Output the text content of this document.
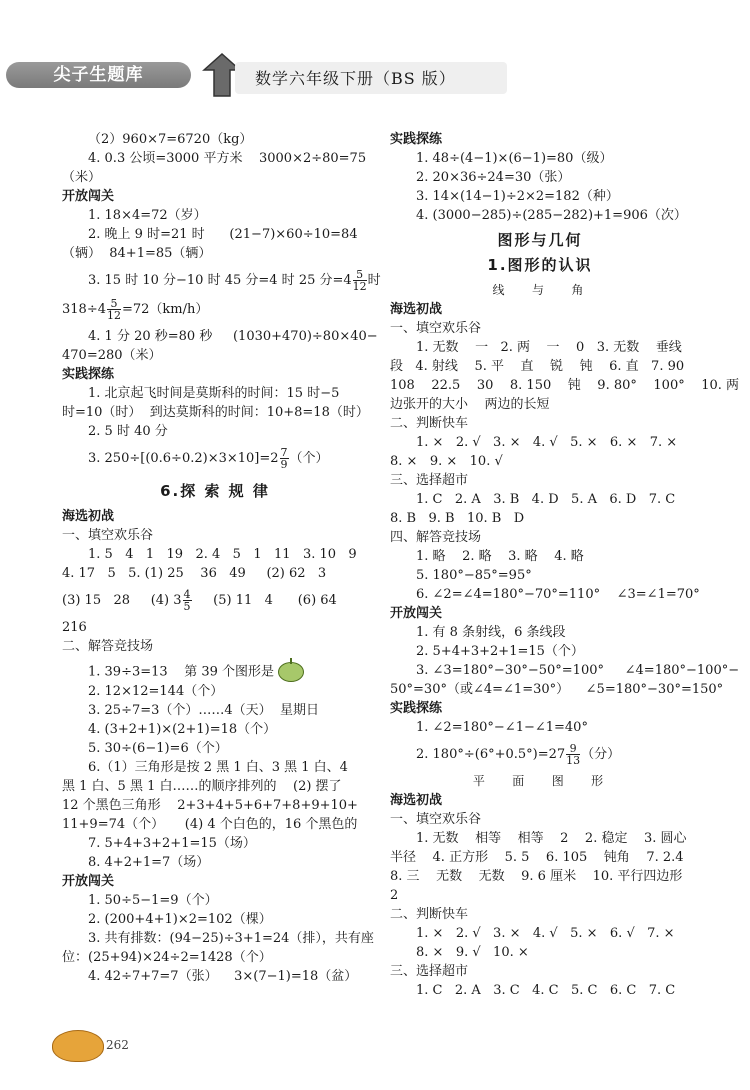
尖子生题库	数学六年级下册（BS 版）
（2）960×7=6720（kg）
4. 0.3 公顷=3000 平方米    3000×2÷80=75
（米）
开放闯关
1. 18×4=72（岁）
2. 晚上 9 时=21 时      (21−7)×60÷10=84
（辆）  84+1=85（辆）
3. 15 时 10 分−10 时 45 分=4 时 25 分$=4 \frac{5}{12}$ 时
$318\div 4 \frac{5}{12} =72(km/h)$
4. 1 分 20 秒=80 秒     (1030+470)÷80×40−
470=280（米）
实践探练
1. 北京起飞时间是莫斯科的时间：15 时−5
时=10（时）  到达莫斯科的时间：10+8=18（时）
2. 5 时 40 分
3. $250\div[(0.6\div 0.2)\times 3\times 10]=2 \frac{7}{9}$ （个）
6.探 索 规 律
海选初战
一、填空欢乐谷
1. 5   4   1   19   2. 4   5   1   11   3. 10   9
4. 17   5   5. (1) 25    36   49     (2) 62   3
(3) 15   28     (4) $3 \frac{4}{5} (5)$ 11   4      (6) 64
216
二、解答竞技场
1. 39÷3=13    第 39 个图形是
2. 12×12=144（个）
3. 25÷7=3（个）……4（天）  星期日
4. (3+2+1)×(2+1)=18（个）
5. 30÷(6−1)=6（个）
6.（1）三角形是按 2 黑 1 白、3 黑 1 白、4
黑 1 白、5 黑 1 白……的顺序排列的    (2) 摆了
12 个黑色三角形    2+3+4+5+6+7+8+9+10+
11+9=74（个）     (4) 4 个白色的，16 个黑色的
7. 5+4+3+2+1=15（场）
8. 4+2+1=7（场）
开放闯关
1. 50÷5−1=9（个）
2. (200+4+1)×2=102（棵）
3. 共有排数：(94−25)÷3+1=24（排），共有座
位：(25+94)×24÷2=1428（个）
4. 42÷7+7=7（张）    3×(7−1)=18（盆）
实践探练
1. 48÷(4−1)×(6−1)=80（级）
2. 20×36÷24=30（张）
3. 14×(14−1)÷2×2=182（种）
4. (3000−285)÷(285−282)+1=906（次）
图形与几何
1.图形的认识
线   与   角
海选初战
一、填空欢乐谷
1. 无数    一   2. 两    一    0   3. 无数    垂线
段   4. 射线    5. 平    直    锐    钝    6. 直   7. 90
108    22.5    30    8. 150    钝    9. 80°    100°    10. 两
边张开的大小    两边的长短
二、判断快车
1. ×   2. √   3. ×   4. √   5. ×   6. ×   7. ×
8. ×   9. ×   10. √
三、选择超市
1. C   2. A   3. B   4. D   5. A   6. D   7. C
8. B   9. B   10. B   D
四、解答竞技场
1. 略    2. 略    3. 略    4. 略
5. 180°−85°=95°
6. ∠2=∠4=180°−70°=110°    ∠3=∠1=70°
开放闯关
1. 有 8 条射线，6 条线段
2. 5+4+3+2+1=15（个）
3. ∠3=180°−30°−50°=100°     ∠4=180°−100°−
50°=30°（或∠4=∠1=30°）    ∠5=180°−30°=150°
实践探练
1. ∠2=180°−∠1−∠1=40°
2. $180^\circ\div(6^\circ+0.5^\circ)=27 \frac{9}{13}$ （分）
平   面   图   形
海选初战
一、填空欢乐谷
1. 无数    相等    相等    2    2. 稳定    3. 圆心
半径    4. 正方形    5. 5    6. 105    钝角    7. 2.4
8. 三    无数    无数    9. 6 厘米    10. 平行四边形
2
二、判断快车
1. ×   2. √   3. ×   4. √   5. ×   6. √   7. ×
8. ×   9. √   10. ×
三、选择超市
1. C   2. A   3. C   4. C   5. C   6. C   7. C
262
